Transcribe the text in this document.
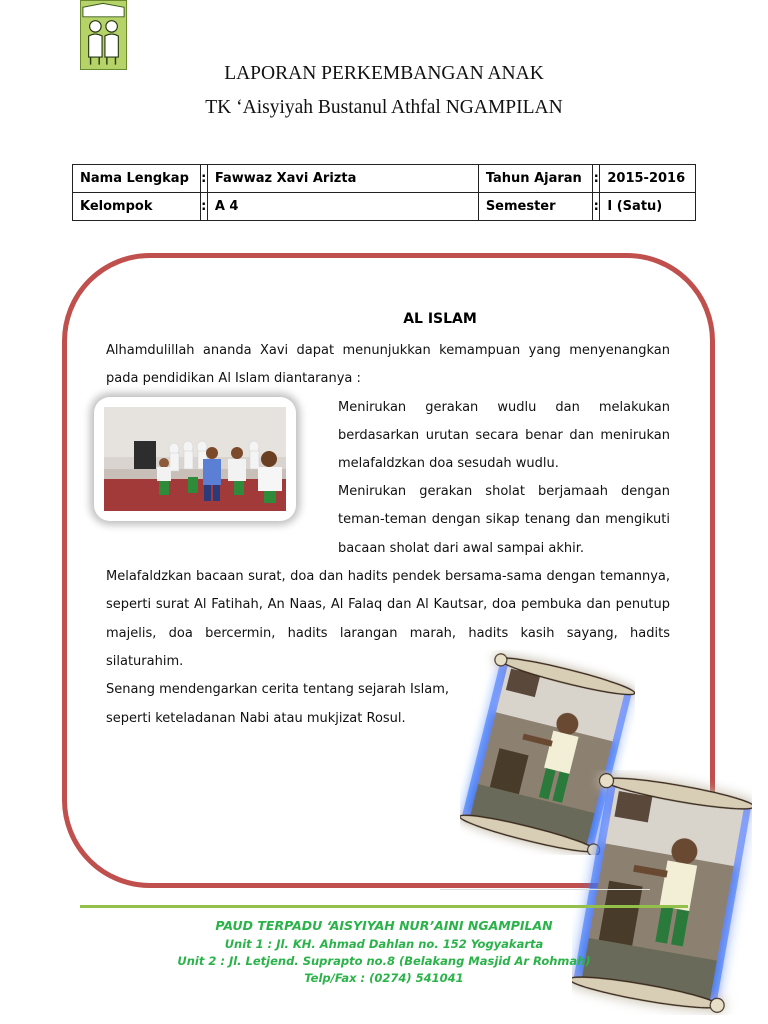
LAPORAN PERKEMBANGAN ANAK
TK ‘Aisyiyah Bustanul Athfal NGAMPILAN
Nama Lengkap	:	Fawwaz Xavi Arizta	Tahun Ajaran	:	2015-2016
Kelompok	:	A 4	Semester	:	I (Satu)
AL ISLAM
Alhamdulillah ananda Xavi dapat menunjukkan kemampuan yang menyenangkan
pada pendidikan Al Islam diantaranya :
Menirukan gerakan wudlu dan melakukan
berdasarkan urutan secara benar dan menirukan
melafaldzkan doa sesudah wudlu.
Menirukan gerakan sholat berjamaah dengan
teman-teman dengan sikap tenang dan mengikuti
bacaan sholat dari awal sampai akhir.
Melafaldzkan bacaan surat, doa dan hadits pendek bersama-sama dengan temannya,
seperti surat Al Fatihah, An Naas, Al Falaq dan Al Kautsar, doa pembuka dan penutup
majelis, doa bercermin, hadits larangan marah, hadits kasih sayang, hadits
silaturahim.
Senang mendengarkan cerita tentang sejarah Islam,
seperti keteladanan Nabi atau mukjizat Rosul.
PAUD TERPADU ‘AISYIYAH NUR’AINI NGAMPILAN
Unit 1 : Jl. KH. Ahmad Dahlan no. 152 Yogyakarta
Unit 2 : Jl. Letjend. Suprapto no.8 (Belakang Masjid Ar Rohmah)
Telp/Fax : (0274) 541041
